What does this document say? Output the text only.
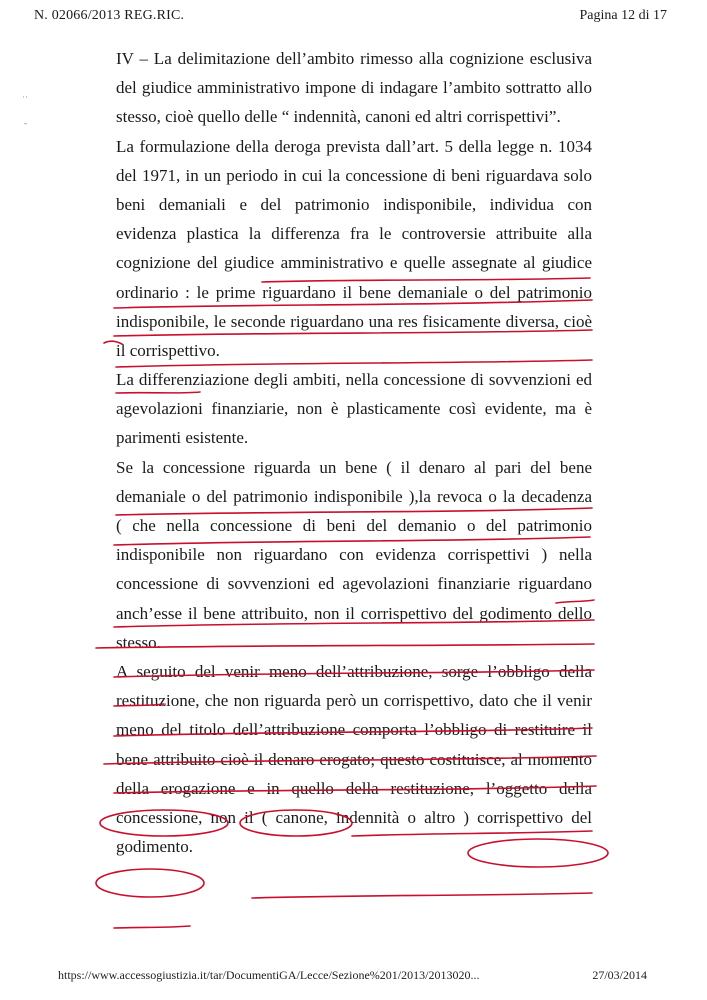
N. 02066/2013 REG.RIC.	Pagina 12 di 17
˙˙
-
IV – La delimitazione dell’ambito rimesso alla cognizione esclusiva
del giudice amministrativo impone di indagare l’ambito sottratto allo
stesso, cioè quello delle “ indennità, canoni ed altri corrispettivi”.
La formulazione della deroga prevista dall’art. 5 della legge n. 1034
del 1971, in un periodo in cui la concessione di beni riguardava solo
beni demaniali e del patrimonio indisponibile, individua con
evidenza plastica la differenza fra le controversie attribuite alla
cognizione del giudice amministrativo e quelle assegnate al giudice
ordinario : le prime riguardano il bene demaniale o del patrimonio
indisponibile, le seconde riguardano una res fisicamente diversa, cioè
il corrispettivo.
La differenziazione degli ambiti, nella concessione di sovvenzioni ed
agevolazioni finanziarie, non è plasticamente così evidente, ma è
parimenti esistente.
Se la concessione riguarda un bene ( il denaro al pari del bene
demaniale o del patrimonio indisponibile ),la revoca o la decadenza
( che nella concessione di beni del demanio o del patrimonio
indisponibile non riguardano con evidenza corrispettivi ) nella
concessione di sovvenzioni ed agevolazioni finanziarie riguardano
anch’esse il bene attribuito, non il corrispettivo del godimento dello
stesso.
A seguito del venir meno dell’attribuzione, sorge l’obbligo della
restituzione, che non riguarda però un corrispettivo, dato che il venir
meno del titolo dell’attribuzione comporta l’obbligo di restituire il
bene attribuito cioè il denaro erogato; questo costituisce, al momento
della erogazione e in quello della restituzione, l’oggetto della
concessione, non il ( canone, indennità o altro ) corrispettivo del
godimento.
https://www.accessogiustizia.it/tar/DocumentiGA/Lecce/Sezione%201/2013/2013020...	27/03/2014
